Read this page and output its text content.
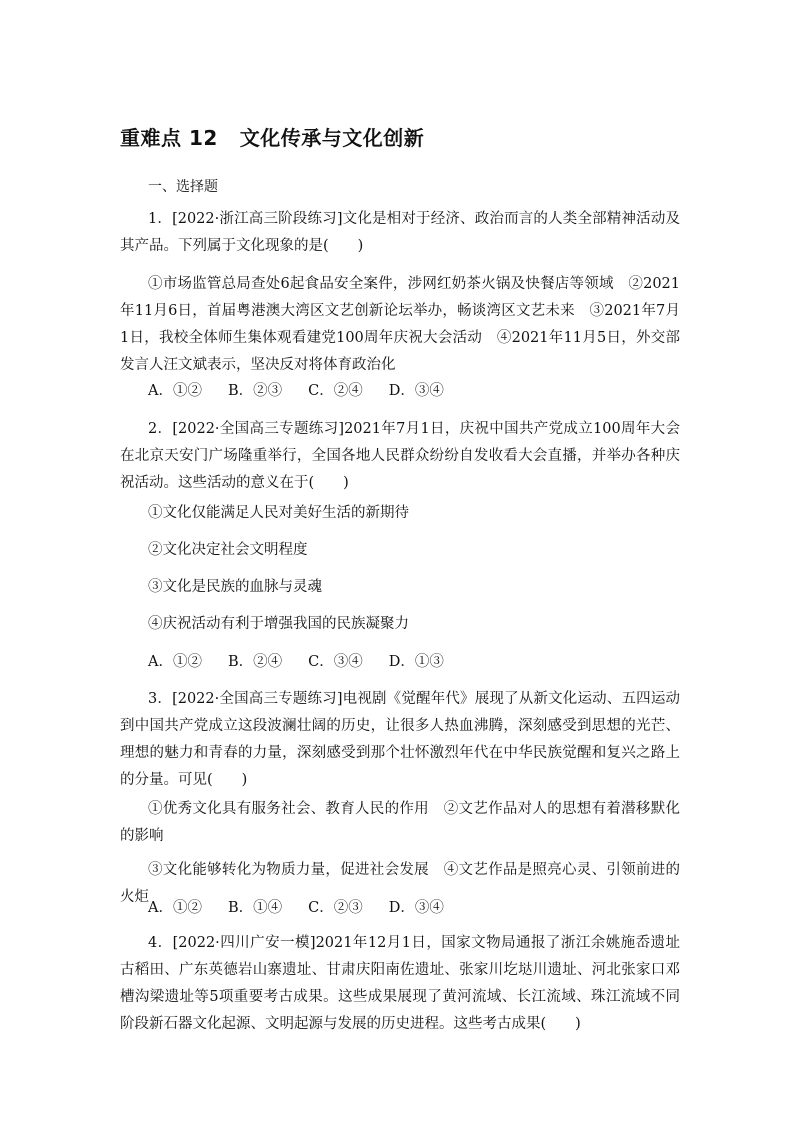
重难点 12 文化传承与文化创新
一、选择题

1．[2022·浙江高三阶段练习]文化是相对于经济、政治而言的人类全部精神活动及其产品。下列属于文化现象的是(　　)

①市场监管总局查处6起食品安全案件，涉网红奶茶火锅及快餐店等领域　②2021年11月6日，首届粤港澳大湾区文艺创新论坛举办，畅谈湾区文艺未来　③2021年7月1日，我校全体师生集体观看建党100周年庆祝大会活动　④2021年11月5日，外交部发言人汪文斌表示，坚决反对将体育政治化

A．①② B．②③ C．②④ D．③④

2．[2022·全国高三专题练习]2021年7月1日，庆祝中国共产党成立100周年大会在北京天安门广场隆重举行，全国各地人民群众纷纷自发收看大会直播，并举办各种庆祝活动。这些活动的意义在于(　　)

①文化仅能满足人民对美好生活的新期待
②文化决定社会文明程度
③文化是民族的血脉与灵魂
④庆祝活动有利于增强我国的民族凝聚力
A．①② B．②④ C．③④ D．①③

3．[2022·全国高三专题练习]电视剧《觉醒年代》展现了从新文化运动、五四运动到中国共产党成立这段波澜壮阔的历史，让很多人热血沸腾，深刻感受到思想的光芒、理想的魅力和青春的力量，深刻感受到那个壮怀激烈年代在中华民族觉醒和复兴之路上的分量。可见(　　)

①优秀文化具有服务社会、教育人民的作用　②文艺作品对人的思想有着潜移默化的影响

③文化能够转化为物质力量，促进社会发展　④文艺作品是照亮心灵、引领前进的火炬

A．①② B．①④ C．②③ D．③④

4．[2022·四川广安一模]2021年12月1日，国家文物局通报了浙江余姚施岙遗址古稻田、广东英德岩山寨遗址、甘肃庆阳南佐遗址、张家川圪垯川遗址、河北张家口邓槽沟梁遗址等5项重要考古成果。这些成果展现了黄河流域、长江流域、珠江流域不同阶段新石器文化起源、文明起源与发展的历史进程。这些考古成果(　　)
